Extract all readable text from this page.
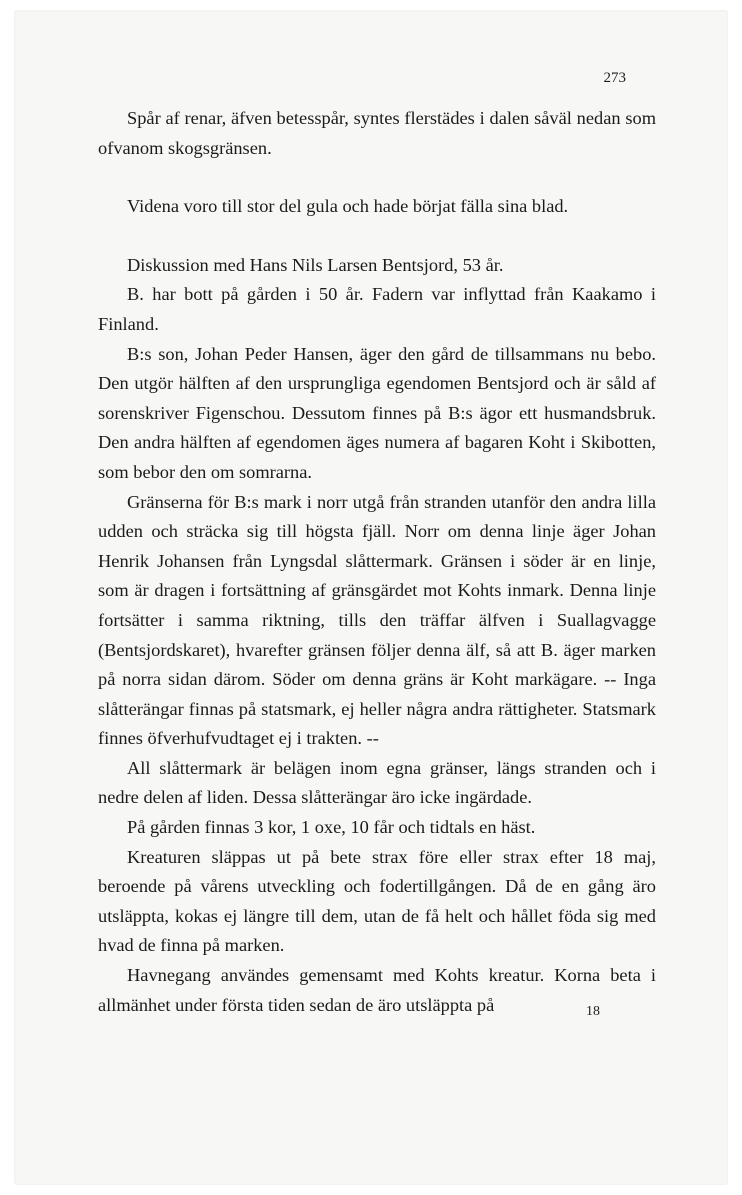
273

Spår af renar, äfven betesspår, syntes flerstädes i dalen såväl nedan som ofvanom skogsgränsen.

Videna voro till stor del gula och hade börjat fälla sina blad.

Diskussion med Hans Nils Larsen Bentsjord, 53 år.

B. har bott på gården i 50 år. Fadern var inflyttad från Kaakamo i Finland.

B:s son, Johan Peder Hansen, äger den gård de tillsammans nu bebo. Den utgör hälften af den ursprungliga egendomen Bentsjord och är såld af sorenskriver Figenschou. Dessutom finnes på B:s ägor ett husmandsbruk. Den andra hälften af egendomen äges numera af bagaren Koht i Skibotten, som bebor den om somrarna.

Gränserna för B:s mark i norr utgå från stranden utanför den andra lilla udden och sträcka sig till högsta fjäll. Norr om denna linje äger Johan Henrik Johansen från Lyngsdal slåttermark. Gränsen i söder är en linje, som är dragen i fortsättning af gränsgärdet mot Kohts inmark. Denna linje fortsätter i samma riktning, tills den träffar älfven i Suallagvagge (Bentsjordskaret), hvarefter gränsen följer denna älf, så att B. äger marken på norra sidan därom. Söder om denna gräns är Koht markägare. -- Inga slåtterängar finnas på statsmark, ej heller några andra rättigheter. Statsmark finnes öfverhufvudtaget ej i trakten. --

All slåttermark är belägen inom egna gränser, längs stranden och i nedre delen af liden. Dessa slåtterängar äro icke ingärdade.

På gården finnas 3 kor, 1 oxe, 10 får och tidtals en häst.

Kreaturen släppas ut på bete strax före eller strax efter 18 maj, beroende på vårens utveckling och fodertillgången. Då de en gång äro utsläppta, kokas ej längre till dem, utan de få helt och hållet föda sig med hvad de finna på marken.

Havnegang användes gemensamt med Kohts kreatur. Korna beta i allmänhet under första tiden sedan de äro utsläppta på	18
